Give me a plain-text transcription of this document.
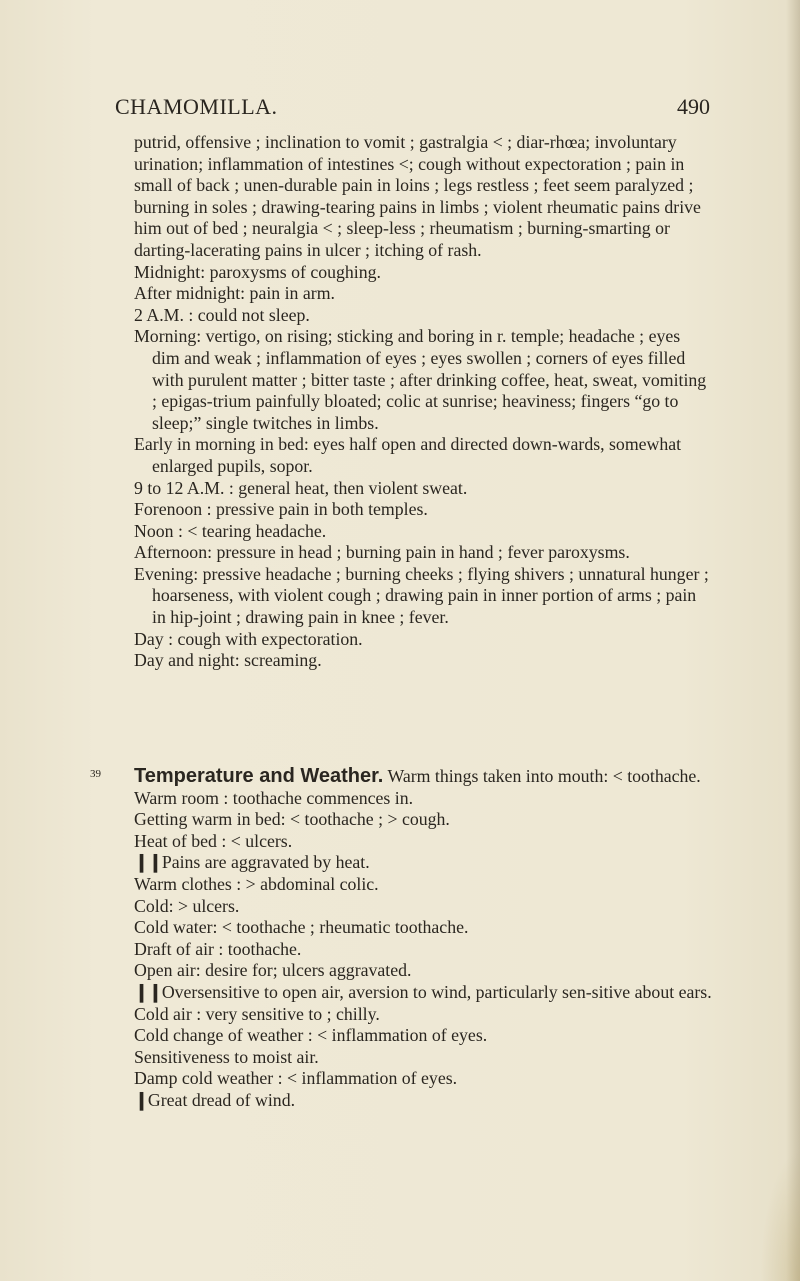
CHAMOMILLA.	490

putrid, offensive ; inclination to vomit ; gastralgia < ; diar-rhœa; involuntary urination; inflammation of intestines <; cough without expectoration ; pain in small of back ; unen-durable pain in loins ; legs restless ; feet seem paralyzed ; burning in soles ; drawing-tearing pains in limbs ; violent rheumatic pains drive him out of bed ; neuralgia < ; sleep-less ; rheumatism ; burning-smarting or darting-lacerating pains in ulcer ; itching of rash.

Midnight: paroxysms of coughing.

After midnight: pain in arm.

2 A.M. : could not sleep.

Morning: vertigo, on rising; sticking and boring in r. temple; headache ; eyes dim and weak ; inflammation of eyes ; eyes swollen ; corners of eyes filled with purulent matter ; bitter taste ; after drinking coffee, heat, sweat, vomiting ; epigas-trium painfully bloated; colic at sunrise; heaviness; fingers “go to sleep;” single twitches in limbs.

Early in morning in bed: eyes half open and directed down-wards, somewhat enlarged pupils, sopor.

9 to 12 A.M. : general heat, then violent sweat.

Forenoon : pressive pain in both temples.

Noon : < tearing headache.

Afternoon: pressure in head ; burning pain in hand ; fever paroxysms.

Evening: pressive headache ; burning cheeks ; flying shivers ; unnatural hunger ; hoarseness, with violent cough ; drawing pain in inner portion of arms ; pain in hip-joint ; drawing pain in knee ; fever.

Day : cough with expectoration.

Day and night: screaming.

39	Temperature and Weather. Warm things taken into mouth: < toothache.

Warm room : toothache commences in.

Getting warm in bed: < toothache ; > cough.

Heat of bed : < ulcers.

❙❙Pains are aggravated by heat.

Warm clothes : > abdominal colic.

Cold: > ulcers.

Cold water: < toothache ; rheumatic toothache.

Draft of air : toothache.

Open air: desire for; ulcers aggravated.

❙❙Oversensitive to open air, aversion to wind, particularly sen-sitive about ears.

Cold air : very sensitive to ; chilly.

Cold change of weather : < inflammation of eyes.

Sensitiveness to moist air.

Damp cold weather : < inflammation of eyes.

❙Great dread of wind.
